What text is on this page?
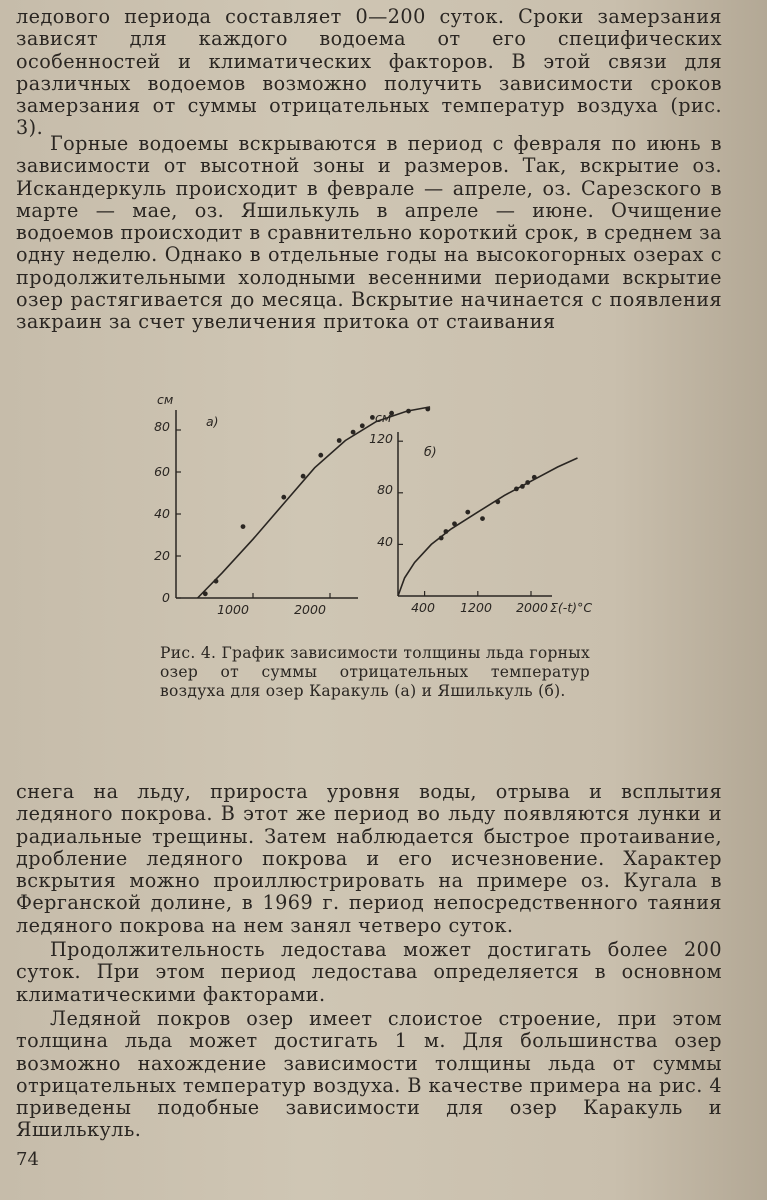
ледового периода составляет 0—200 суток. Сроки замерзания зависят для каждого водоема от его специфических особенностей и климатических факторов. В этой связи для различных водоемов возможно получить зависимости сроков замерзания от суммы отрицательных температур воздуха (рис. 3).

Горные водоемы вскрываются в период с февраля по июнь в зависимости от высотной зоны и размеров. Так, вскрытие оз. Искандеркуль происходит в феврале — апреле, оз. Сарезского в марте — мае, оз. Яшилькуль в апреле — июне. Очищение водоемов происходит в сравнительно короткий срок, в среднем за одну неделю. Однако в отдельные годы на высокогорных озерах с продолжительными холодными весенними периодами вскрытие озер растягивается до месяца. Вскрытие начинается с появления закраин за счет увеличения притока от стаивания

см
а)
0
20
40
60
80
1000	2000
см
б)
120
80
40
400 1200 2000 Σ(-t)°C

Рис. 4. График зависимости толщины льда горных озер от суммы отрицательных температур воздуха для озер Каракуль (а) и Яшилькуль (б).

снега на льду, прироста уровня воды, отрыва и всплытия ледяного покрова. В этот же период во льду появляются лунки и радиальные трещины. Затем наблюдается быстрое протаивание, дробление ледяного покрова и его исчезновение. Характер вскрытия можно проиллюстрировать на примере оз. Кугала в Ферганской долине, в 1969 г. период непосредственного таяния ледяного покрова на нем занял четверо суток.

Продолжительность ледостава может достигать более 200 суток. При этом период ледостава определяется в основном климатическими факторами.

Ледяной покров озер имеет слоистое строение, при этом толщина льда может достигать 1 м. Для большинства озер возможно нахождение зависимости толщины льда от суммы отрицательных температур воздуха. В качестве примера на рис. 4 приведены подобные зависимости для озер Каракуль и Яшилькуль.

74
